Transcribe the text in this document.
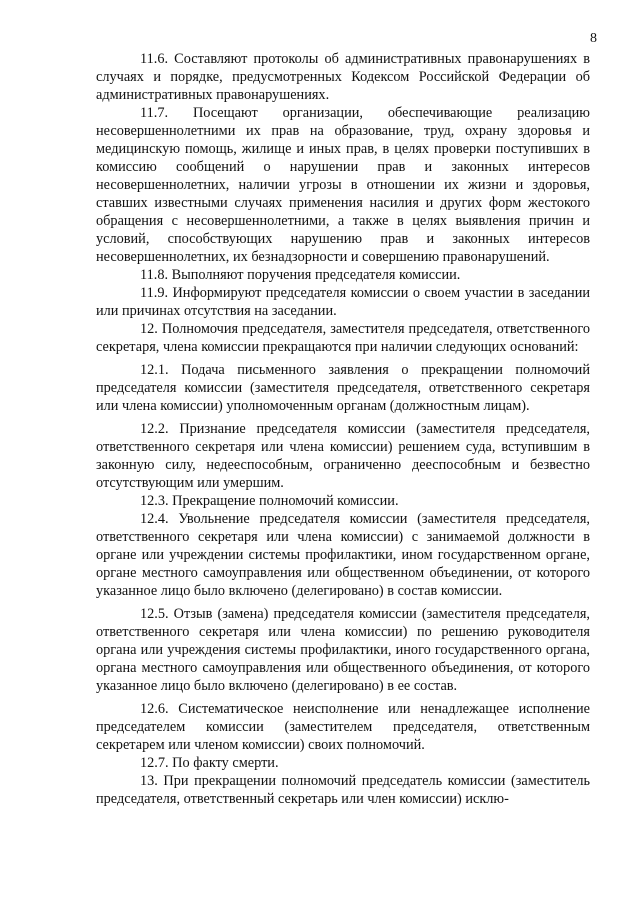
8

11.6. Составляют протоколы об административных правонарушениях в случаях и порядке, предусмотренных Кодексом Российской Федерации об административных правонарушениях.

11.7. Посещают организации, обеспечивающие реализацию несовершеннолетними их прав на образование, труд, охрану здоровья и медицинскую помощь, жилище и иных прав, в целях проверки поступивших в комиссию сообщений о нарушении прав и законных интересов несовершеннолетних, наличии угрозы в отношении их жизни и здоровья, ставших известными случаях применения насилия и других форм жестокого обращения с несовершеннолетними, а также в целях выявления причин и условий, способствующих нарушению прав и законных интересов несовершеннолетних, их безнадзорности и совершению правонарушений.

11.8. Выполняют поручения председателя комиссии.

11.9. Информируют председателя комиссии о своем участии в заседании или причинах отсутствия на заседании.

12. Полномочия председателя, заместителя председателя, ответственного секретаря, члена комиссии прекращаются при наличии следующих оснований:

12.1. Подача письменного заявления о прекращении полномочий председателя комиссии (заместителя председателя, ответственного секретаря или члена комиссии) уполномоченным органам (должностным лицам).

12.2. Признание председателя комиссии (заместителя председателя, ответственного секретаря или члена комиссии) решением суда, вступившим в законную силу, недееспособным, ограниченно дееспособным и безвестно отсутствующим или умершим.

12.3. Прекращение полномочий комиссии.

12.4. Увольнение председателя комиссии (заместителя председателя, ответственного секретаря или члена комиссии) с занимаемой должности в органе или учреждении системы профилактики, ином государственном органе, органе местного самоуправления или общественном объединении, от которого указанное лицо было включено (делегировано) в состав комиссии.

12.5. Отзыв (замена) председателя комиссии (заместителя председателя, ответственного секретаря или члена комиссии) по решению руководителя органа или учреждения системы профилактики, иного государственного органа, органа местного самоуправления или общественного объединения, от которого указанное лицо было включено (делегировано) в ее состав.

12.6. Систематическое неисполнение или ненадлежащее исполнение председателем комиссии (заместителем председателя, ответственным секретарем или членом комиссии) своих полномочий.

12.7. По факту смерти.

13. При прекращении полномочий председатель комиссии (заместитель председателя, ответственный секретарь или член комиссии) исклю-
